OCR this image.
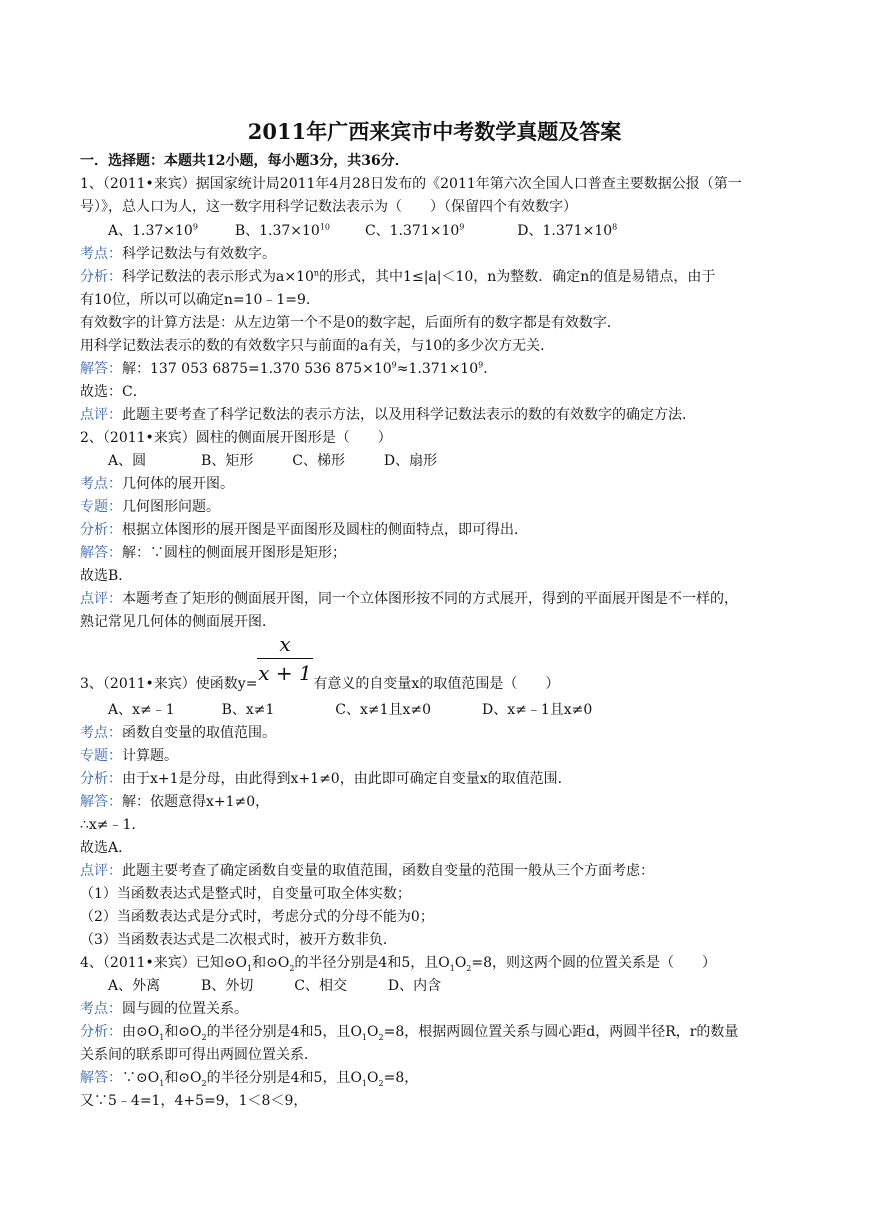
2011年广西来宾市中考数学真题及答案
一．选择题：本题共12小题，每小题3分，共36分．
1、（2011•来宾）据国家统计局2011年4月28日发布的《2011年第六次全国人口普查主要数据公报（第一
号）》，总人口为人，这一数字用科学记数法表示为（　　）（保留四个有效数字）
A、$1.37\times 10^9$	B、$1.37\times 10^{10}$ C、$1.371\times 10^9$	D、$1.371\times 10^8$
考点：科学记数法与有效数字。
分析：科学记数法的表示形式为$a\times 10^n$的形式，其中1≤|a|＜10，n为整数．确定n的值是易错点，由于
有10位，所以可以确定n=10﹣1=9．
有效数字的计算方法是：从左边第一个不是0的数字起，后面所有的数字都是有效数字．
用科学记数法表示的数的有效数字只与前面的a有关，与10的多少次方无关．
解答：解：137 053 6875=1.370 536 $875\times 10^9\approx 1.371\times 10^9$．
故选：C．
点评：此题主要考查了科学记数法的表示方法，以及用科学记数法表示的数的有效数字的确定方法．
2、（2011•来宾）圆柱的侧面展开图形是（　　）
A、圆	B、矩形	C、梯形	D、扇形
考点：几何体的展开图。
专题：几何图形问题。
分析：根据立体图形的展开图是平面图形及圆柱的侧面特点，即可得出．
解答：解：∵圆柱的侧面展开图形是矩形；
故选B．
点评：本题考查了矩形的侧面展开图，同一个立体图形按不同的方式展开，得到的平面展开图是不一样的，
熟记常见几何体的侧面展开图．
x
x + 1
3、（2011•来宾）使函数y=	有意义的自变量x的取值范围是（　　）
A、x≠﹣1	B、x≠1	C、x≠1且x≠0	D、x≠﹣1且x≠0
考点：函数自变量的取值范围。
专题：计算题。
分析：由于x+1是分母，由此得到x+1≠0，由此即可确定自变量x的取值范围．
解答：解：依题意得x+1≠0，
∴x≠﹣1．
故选A．
点评：此题主要考查了确定函数自变量的取值范围，函数自变量的范围一般从三个方面考虑：
（1）当函数表达式是整式时，自变量可取全体实数；
（2）当函数表达式是分式时，考虑分式的分母不能为0；
（3）当函数表达式是二次根式时，被开方数非负．
4、（2011•来宾）已知$⊙O_1$和$⊙O_2$的半径分别是4和5，且$O_1O_2=8$，则这两个圆的位置关系是（　　）
A、外离	B、外切	C、相交	D、内含
考点：圆与圆的位置关系。
分析：由$⊙O_1$和$⊙O_2$的半径分别是4和5，且$O_1O_2=8$，根据两圆位置关系与圆心距d，两圆半径R，r的数量
关系间的联系即可得出两圆位置关系．
解答：$\because⊙O_1$和$⊙O_2$的半径分别是4和5，且$O_1O_2=8$，
又∵5﹣4=1，4+5=9，1＜8＜9，
